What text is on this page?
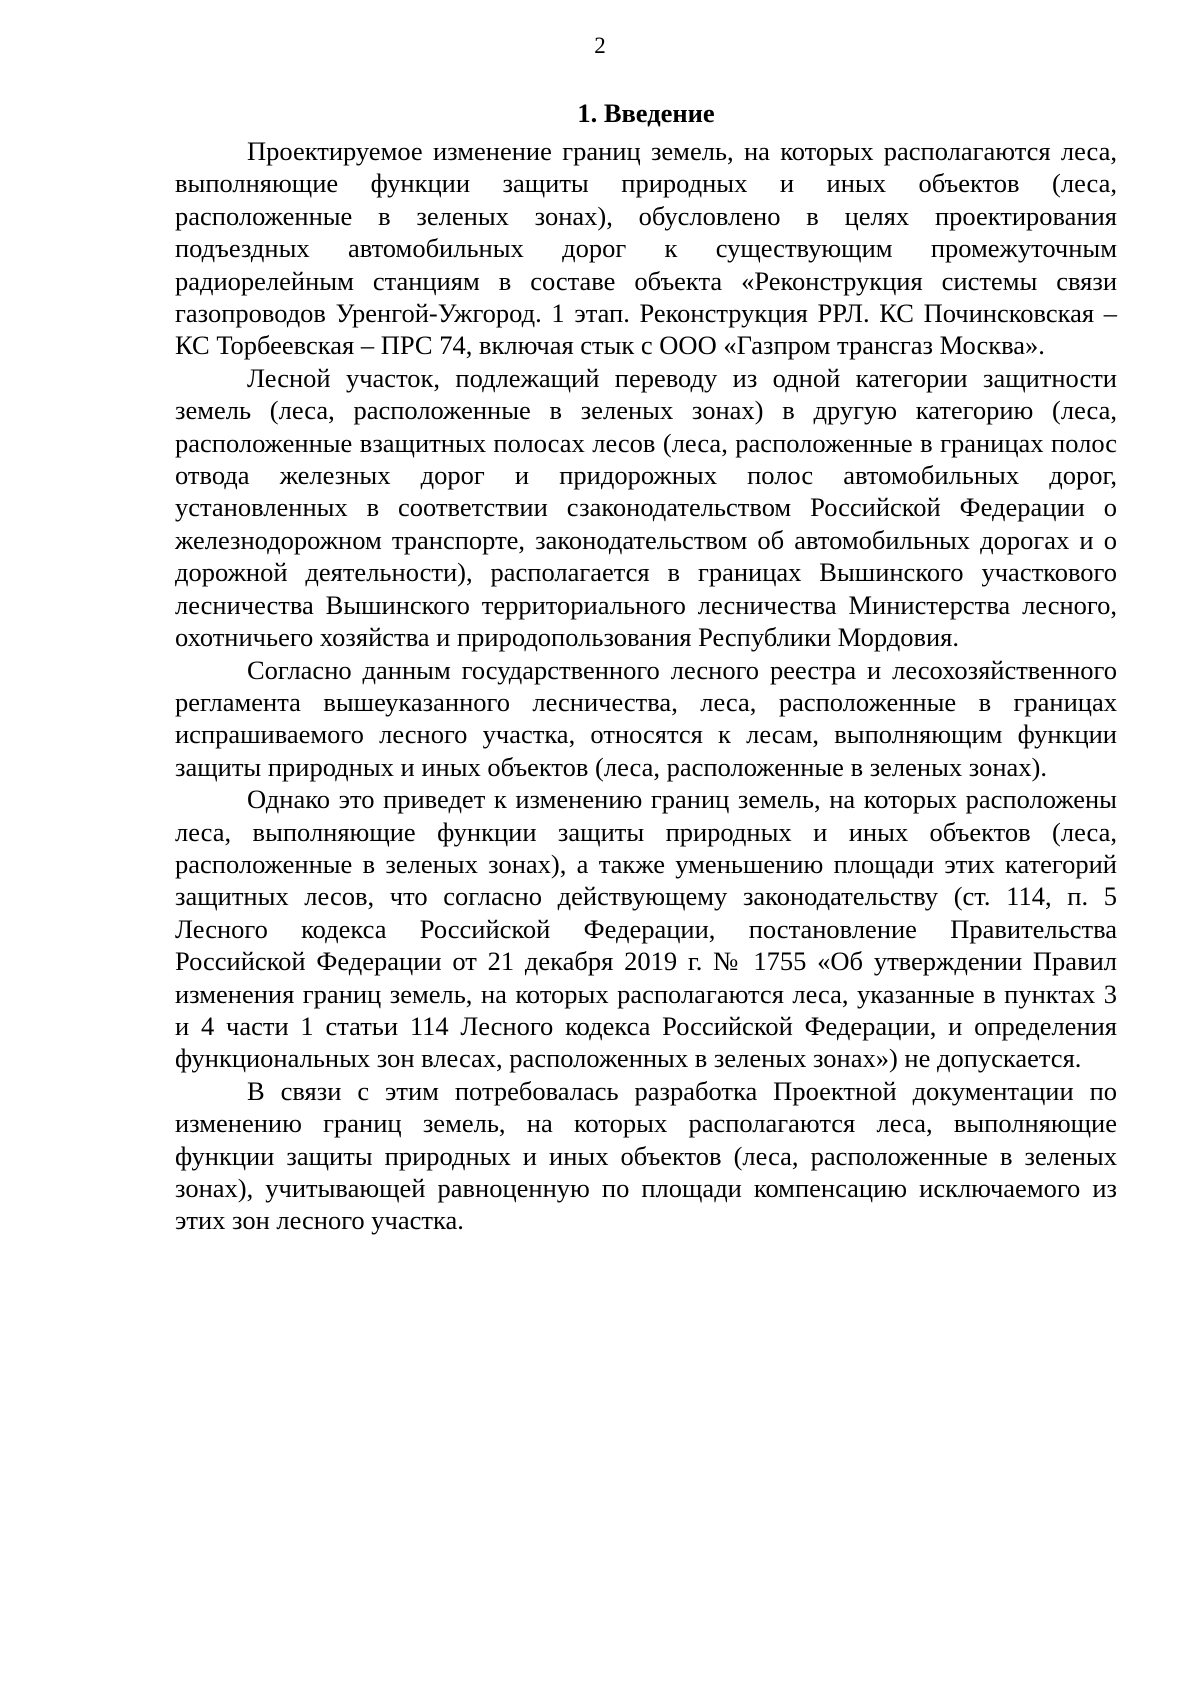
2
1. Введение

Проектируемое изменение границ земель, на которых располагаются леса, выполняющие функции защиты природных и иных объектов (леса, расположенные в зеленых зонах), обусловлено в целях проектирования подъездных автомобильных дорог к существующим промежуточным радиорелейным станциям в составе объекта «Реконструкция системы связи газопроводов Уренгой-Ужгород. 1 этап. Реконструкция РРЛ. КС Починсковская – КС Торбеевская – ПРС 74, включая стык с ООО «Газпром трансгаз Москва».

Лесной участок, подлежащий переводу из одной категории защитности земель (леса, расположенные в зеленых зонах) в другую категорию (леса, расположенные взащитных полосах лесов (леса, расположенные в границах полос отвода железных дорог и придорожных полос автомобильных дорог, установленных в соответствии сзаконодательством Российской Федерации о железнодорожном транспорте, законодательством об автомобильных дорогах и о дорожной деятельности), располагается в границах Вышинского участкового лесничества Вышинского территориального лесничества Министерства лесного, охотничьего хозяйства и природопользования Республики Мордовия.

Согласно данным государственного лесного реестра и лесохозяйственного регламента вышеуказанного лесничества, леса, расположенные в границах испрашиваемого лесного участка, относятся к лесам, выполняющим функции защиты природных и иных объектов (леса, расположенные в зеленых зонах).

Однако это приведет к изменению границ земель, на которых расположены леса, выполняющие функции защиты природных и иных объектов (леса, расположенные в зеленых зонах), а также уменьшению площади этих категорий защитных лесов, что согласно действующему законодательству (ст. 114, п. 5 Лесного кодекса Российской Федерации, постановление Правительства Российской Федерации от 21 декабря 2019 г. № 1755 «Об утверждении Правил изменения границ земель, на которых располагаются леса, указанные в пунктах 3 и 4 части 1 статьи 114 Лесного кодекса Российской Федерации, и определения функциональных зон влесах, расположенных в зеленых зонах») не допускается.

В связи с этим потребовалась разработка Проектной документации по изменению границ земель, на которых располагаются леса, выполняющие функции защиты природных и иных объектов (леса, расположенные в зеленых зонах), учитывающей равноценную по площади компенсацию исключаемого из этих зон лесного участка.
